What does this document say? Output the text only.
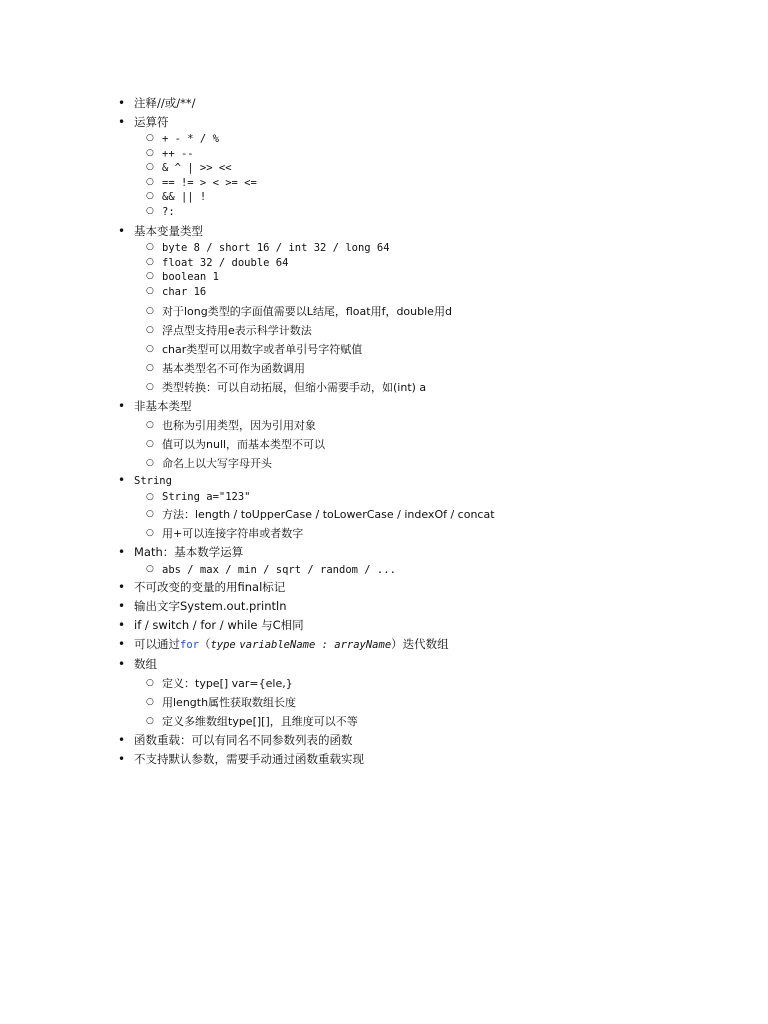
• 注释//或/**/
• 运算符
○ + - * / %
○ ++ --
○ & ^ | >> <<
○ == != > < >= <=
○ && || !
○ ?:
• 基本变量类型
○ byte 8 / short 16 / int 32 / long 64
○ float 32 / double 64
○ boolean 1
○ char 16
○ 对于long类型的字面值需要以L结尾，float用f，double用d
○ 浮点型支持用e表示科学计数法
○ char类型可以用数字或者单引号字符赋值
○ 基本类型名不可作为函数调用
○ 类型转换：可以自动拓展，但缩小需要手动，如(int) a
• 非基本类型
○ 也称为引用类型，因为引用对象
○ 值可以为null，而基本类型不可以
○ 命名上以大写字母开头
• String
○ String a="123"
○ 方法：length / toUpperCase / toLowerCase / indexOf / concat
○ 用+可以连接字符串或者数字
• Math：基本数学运算
○ abs / max / min / sqrt / random / ...
• 不可改变的变量的用final标记
• 输出文字System.out.println
• if / switch / for / while 与C相同
• 可以通过for（type variableName : arrayName）迭代数组
• 数组
○ 定义：type[] var={ele,}
○ 用length属性获取数组长度
○ 定义多维数组type[][]，且维度可以不等
• 函数重载：可以有同名不同参数列表的函数
• 不支持默认参数，需要手动通过函数重载实现
